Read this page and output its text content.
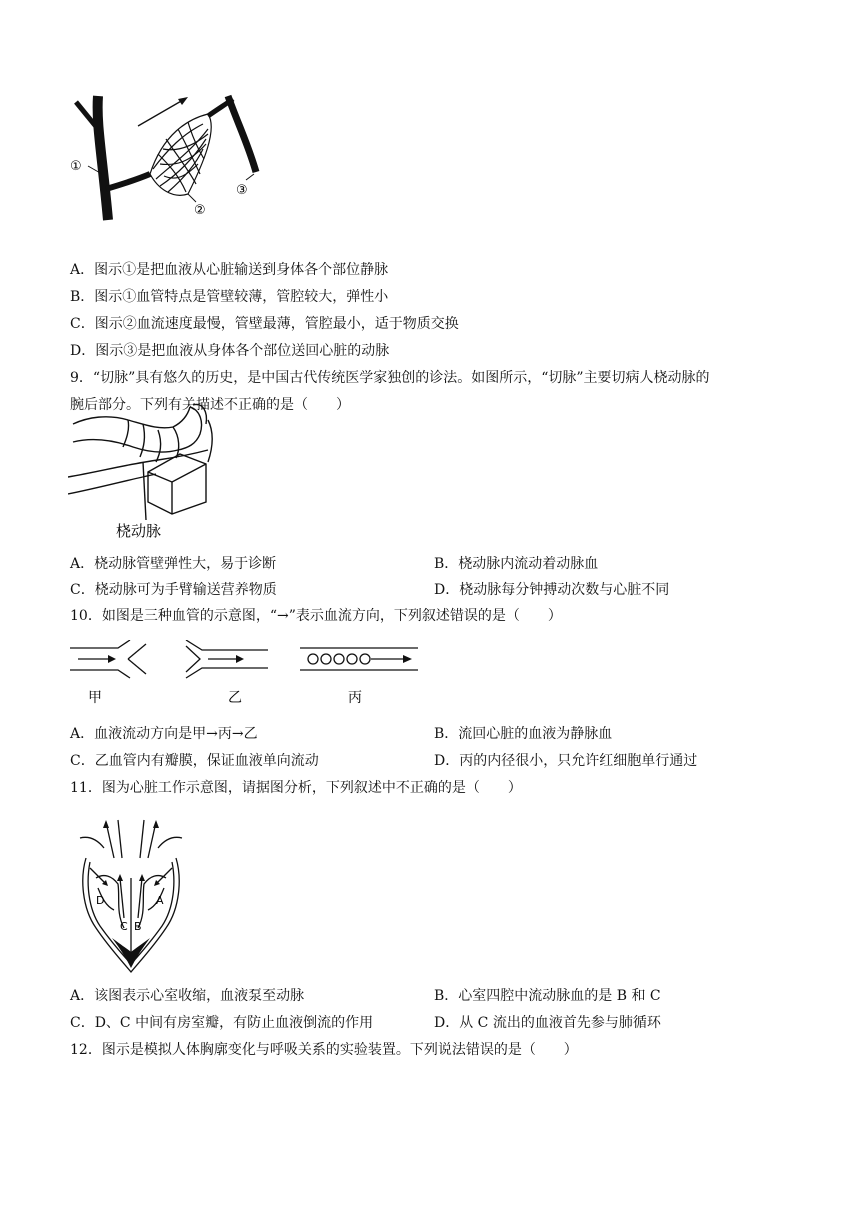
①
②
③
A．图示①是把血液从心脏输送到身体各个部位静脉
B．图示①血管特点是管壁较薄，管腔较大，弹性小
C．图示②血流速度最慢，管壁最薄，管腔最小，适于物质交换
D．图示③是把血液从身体各个部位送回心脏的动脉
9．“切脉”具有悠久的历史，是中国古代传统医学家独创的诊法。如图所示，“切脉”主要切病人桡动脉的
腕后部分。下列有关描述不正确的是（　　）
桡动脉
A．桡动脉管壁弹性大，易于诊断	B．桡动脉内流动着动脉血
C．桡动脉可为手臂输送营养物质	D．桡动脉每分钟搏动次数与心脏不同
10．如图是三种血管的示意图，“→”表示血流方向，下列叙述错误的是（　　）
甲	乙	丙
A．血液流动方向是甲→丙→乙	B．流回心脏的血液为静脉血
C．乙血管内有瓣膜，保证血液单向流动	D．丙的内径很小，只允许红细胞单行通过
11．图为心脏工作示意图，请据图分析，下列叙述中不正确的是（　　）
D	A
C B
A．该图表示心室收缩，血液泵至动脉	B．心室四腔中流动脉血的是 B 和 C
C．D、C 中间有房室瓣，有防止血液倒流的作用	D．从 C 流出的血液首先参与肺循环
12．图示是模拟人体胸廓变化与呼吸关系的实验装置。下列说法错误的是（　　）
